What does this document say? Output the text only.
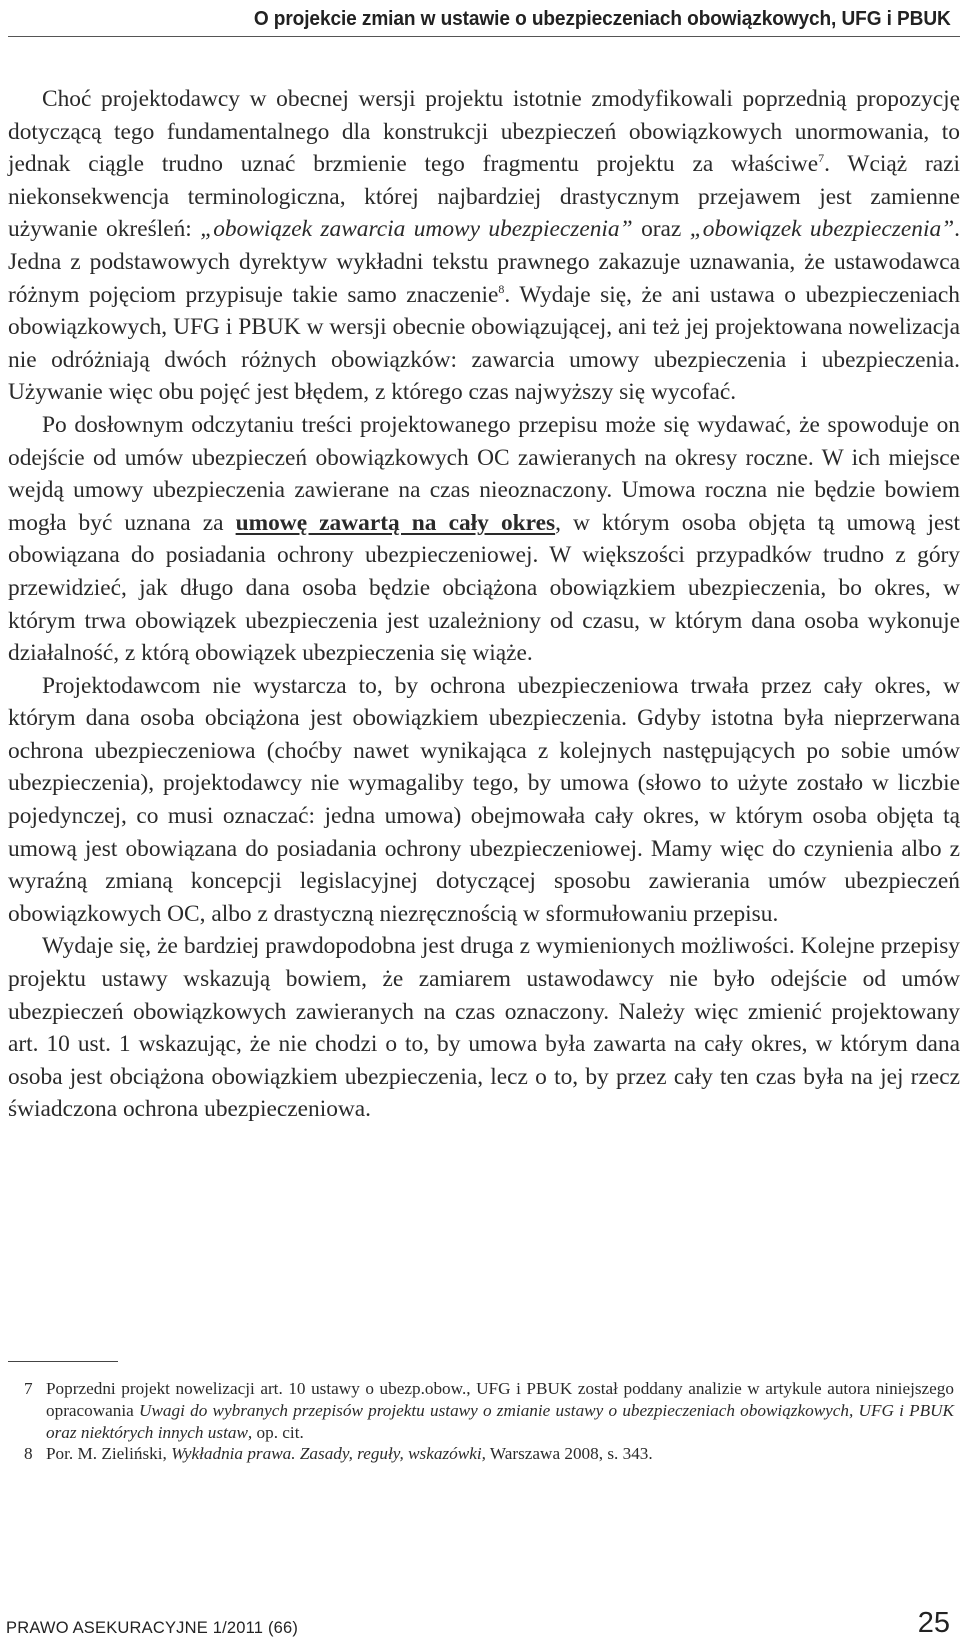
O projekcie zmian w ustawie o ubezpieczeniach obowiązkowych, UFG i PBUK

Choć projektodawcy w obecnej wersji projektu istotnie zmodyfikowali poprzednią propozycję dotyczącą tego fundamentalnego dla konstrukcji ubezpieczeń obowiązkowych unormowania, to jednak ciągle trudno uznać brzmienie tego fragmentu projektu za właściwe$^7$. Wciąż razi niekonsekwencja terminologiczna, której najbardziej drastycznym przejawem jest zamienne używanie określeń: „obowiązek zawarcia umowy ubezpieczenia” oraz „obowiązek ubezpieczenia”. Jedna z podstawowych dyrektyw wykładni tekstu prawnego zakazuje uznawania, że ustawodawca różnym pojęciom przypisuje takie samo znaczenie$^8$. Wydaje się, że ani ustawa o ubezpieczeniach obowiązkowych, UFG i PBUK w wersji obecnie obowiązującej, ani też jej projektowana nowelizacja nie odróżniają dwóch różnych obowiązków: zawarcia umowy ubezpieczenia i ubezpieczenia. Używanie więc obu pojęć jest błędem, z którego czas najwyższy się wycofać.

Po dosłownym odczytaniu treści projektowanego przepisu może się wydawać, że spowoduje on odejście od umów ubezpieczeń obowiązkowych OC zawieranych na okresy roczne. W ich miejsce wejdą umowy ubezpieczenia zawierane na czas nieoznaczony. Umowa roczna nie będzie bowiem mogła być uznana za umowę zawartą na cały okres, w którym osoba objęta tą umową jest obowiązana do posiadania ochrony ubezpieczeniowej. W większości przypadków trudno z góry przewidzieć, jak długo dana osoba będzie obciążona obowiązkiem ubezpieczenia, bo okres, w którym trwa obowiązek ubezpieczenia jest uzależniony od czasu, w którym dana osoba wykonuje działalność, z którą obowiązek ubezpieczenia się wiąże.

Projektodawcom nie wystarcza to, by ochrona ubezpieczeniowa trwała przez cały okres, w którym dana osoba obciążona jest obowiązkiem ubezpieczenia. Gdyby istotna była nieprzerwana ochrona ubezpieczeniowa (choćby nawet wynikająca z kolejnych następujących po sobie umów ubezpieczenia), projektodawcy nie wymagaliby tego, by umowa (słowo to użyte zostało w liczbie pojedynczej, co musi oznaczać: jedna umowa) obejmowała cały okres, w którym osoba objęta tą umową jest obowiązana do posiadania ochrony ubezpieczeniowej. Mamy więc do czynienia albo z wyraźną zmianą koncepcji legislacyjnej dotyczącej sposobu zawierania umów ubezpieczeń obowiązkowych OC, albo z drastyczną niezręcznością w sformułowaniu przepisu.

Wydaje się, że bardziej prawdopodobna jest druga z wymienionych możliwości. Kolejne przepisy projektu ustawy wskazują bowiem, że zamiarem ustawodawcy nie było odejście od umów ubezpieczeń obowiązkowych zawieranych na czas oznaczony. Należy więc zmienić projektowany art. 10 ust. 1 wskazując, że nie chodzi o to, by umowa była zawarta na cały okres, w którym dana osoba jest obciążona obowiązkiem ubezpieczenia, lecz o to, by przez cały ten czas była na jej rzecz świadczona ochrona ubezpieczeniowa.

7 Poprzedni projekt nowelizacji art. 10 ustawy o ubezp.obow., UFG i PBUK został poddany analizie w artykule autora niniejszego opracowania Uwagi do wybranych przepisów projektu ustawy o zmianie ustawy o ubezpieczeniach obowiązkowych, UFG i PBUK oraz niektórych innych ustaw, op. cit.

8 Por. M. Zieliński, Wykładnia prawa. Zasady, reguły, wskazówki, Warszawa 2008, s. 343.

PRAWO ASEKURACYJNE 1/2011 (66)	25
